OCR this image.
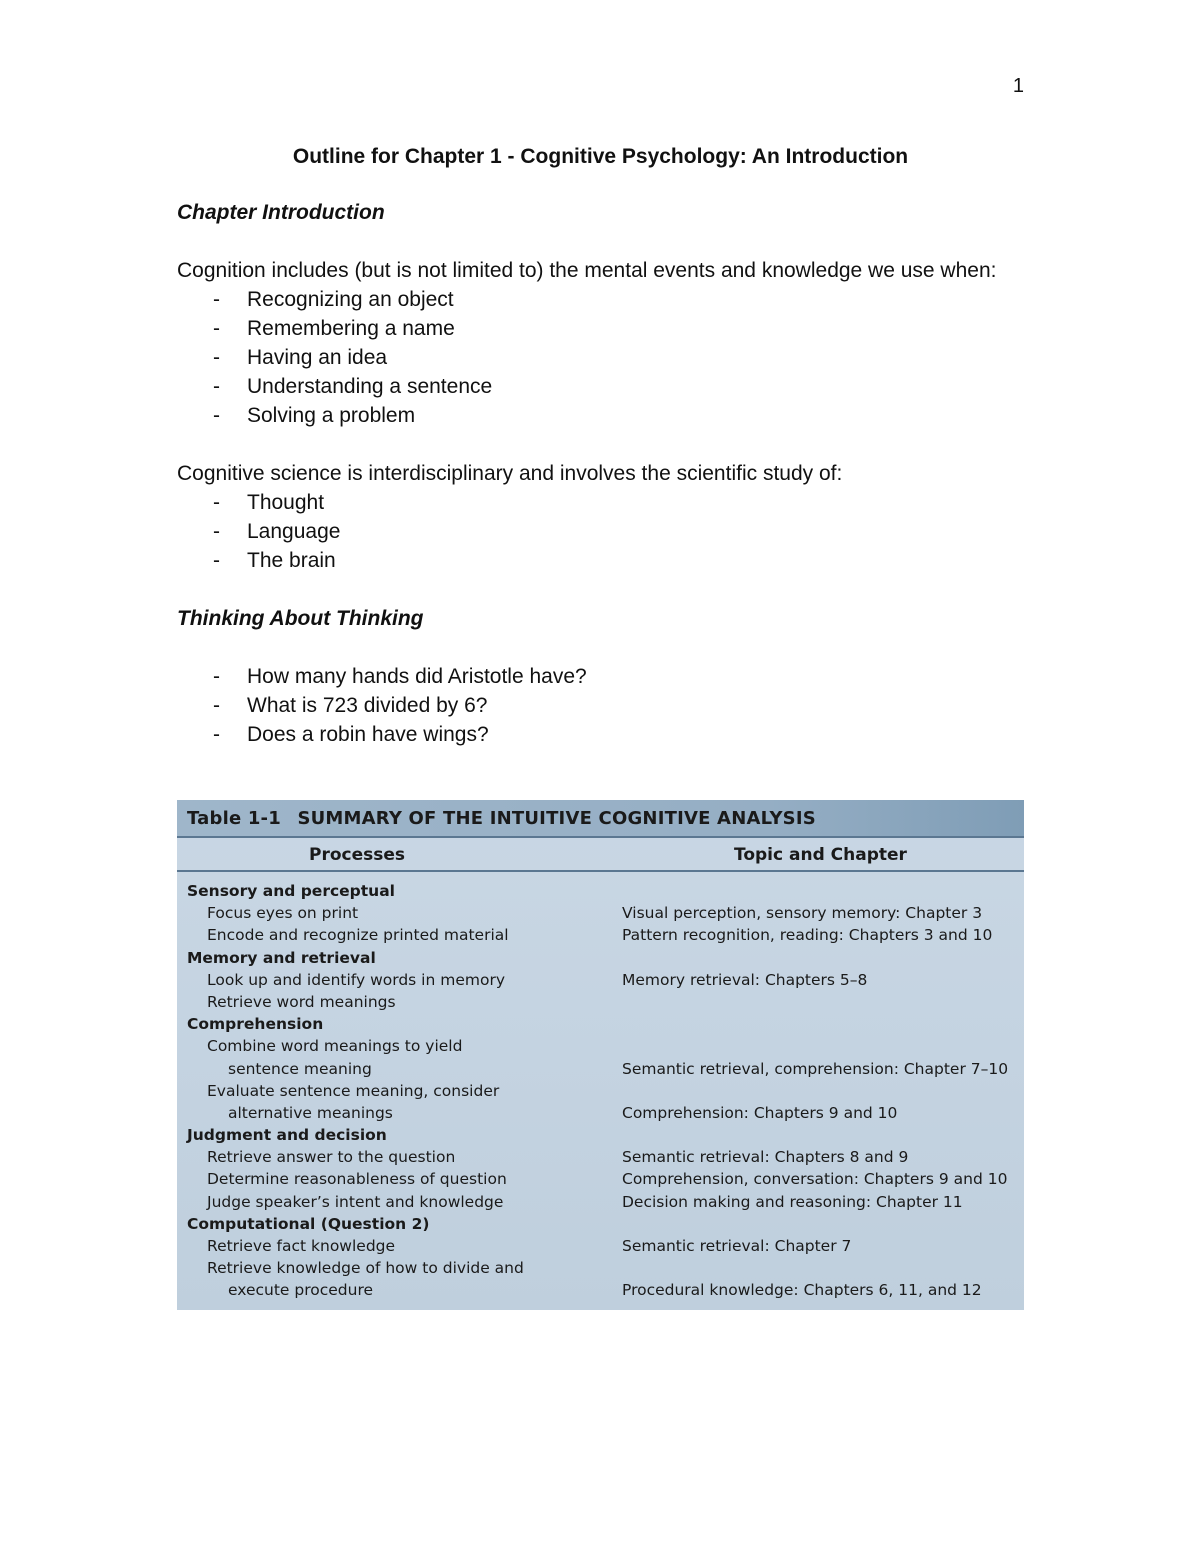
1
Outline for Chapter 1 - Cognitive Psychology: An Introduction
Chapter Introduction

Cognition includes (but is not limited to) the mental events and knowledge we use when:

- Recognizing an object
- Remembering a name
- Having an idea
- Understanding a sentence
- Solving a problem

Cognitive science is interdisciplinary and involves the scientific study of:

- Thought
- Language
- The brain
Thinking About Thinking
- How many hands did Aristotle have?
- What is 723 divided by 6?
- Does a robin have wings?
Table 1-1 SUMMARY OF THE INTUITIVE COGNITIVE ANALYSIS
Processes	Topic and Chapter
Sensory and perceptual
Focus eyes on print	Visual perception, sensory memory: Chapter 3
Encode and recognize printed material	Pattern recognition, reading: Chapters 3 and 10
Memory and retrieval
Look up and identify words in memory	Memory retrieval: Chapters 5–8
Retrieve word meanings
Comprehension
Combine word meanings to yield
sentence meaning	Semantic retrieval, comprehension: Chapter 7–10
Evaluate sentence meaning, consider
alternative meanings	Comprehension: Chapters 9 and 10
Judgment and decision
Retrieve answer to the question	Semantic retrieval: Chapters 8 and 9
Determine reasonableness of question	Comprehension, conversation: Chapters 9 and 10
Judge speaker’s intent and knowledge	Decision making and reasoning: Chapter 11
Computational (Question 2)
Retrieve fact knowledge	Semantic retrieval: Chapter 7
Retrieve knowledge of how to divide and
execute procedure	Procedural knowledge: Chapters 6, 11, and 12
